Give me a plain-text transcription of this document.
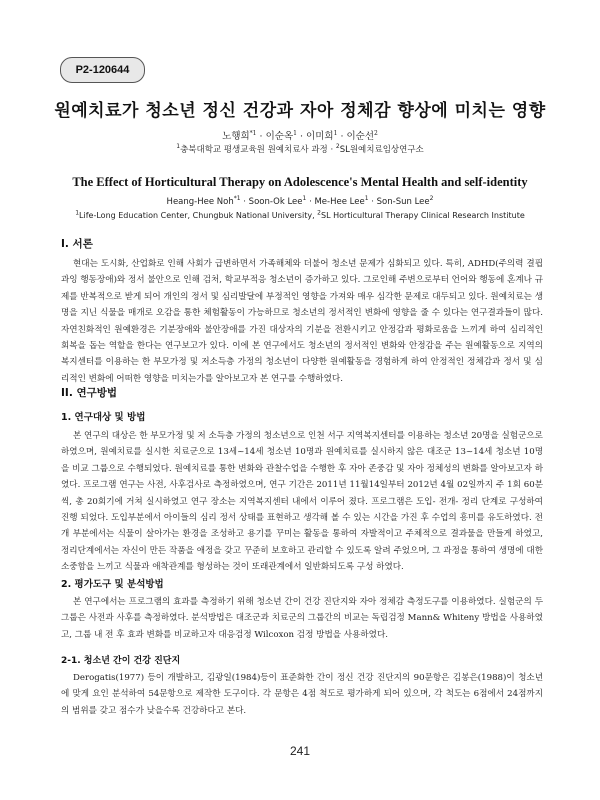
P2-120644
원예치료가 청소년 정신 건강과 자아 정체감 향상에 미치는 영향
노행희$^{*1}$ · 이순옥$^1$ · 이미희$^1$ · 이순선$^2$
$^1$충북대학교 평생교육원 원예치료사 과정 · $^2$SL원예치료임상연구소
The Effect of Horticultural Therapy on Adolescence's Mental Health and self-identity
Heang-Hee Noh$^{*1}$ · Soon-Ok Lee$^1$ · Me-Hee Lee$^1$ · Son-Sun Lee$^2$
$^1$Life-Long Education Center, Chungbuk National University, $^2$SL Horticultural Therapy Clinical Research Institute
I. 서론

현대는 도시화, 산업화로 인해 사회가 급변하면서 가족해체와 더불어 청소년 문제가 심화되고 있다. 특히, ADHD(주의력 결핍 과잉 행동장애)와 정서 불안으로 인해 검처, 학교부적응 청소년이 증가하고 있다. 그로인해 주변으로부터 언어와 행동에 혼계나 규제를 반복적으로 받게 되어 개인의 정서 및 심리발달에 부정적인 영향을 가져와 매우 심각한 문제로 대두되고 있다. 원예치료는 생명을 지닌 식물을 매개로 오감을 통한 체험활동이 가능하므로 청소년의 정서적인 변화에 영향을 줄 수 있다는 연구결과들이 많다. 자연친화적인 원예환경은 기분장애와 불안장애를 가진 대상자의 기분을 전환시키고 안정감과 평화로움을 느끼게 하여 심리적인 회복을 돕는 역할을 한다는 연구보고가 있다. 이에 본 연구에서도 청소년의 정서적인 변화와 안정감을 주는 원예활동으로 지역의 복지센터를 이용하는 한 부모가정 및 저소득층 가정의 청소년이 다양한 원예활동을 경험하게 하여 안정적인 정체감과 정서 및 심리적인 변화에 어떠한 영향을 미치는가를 알아보고자 본 연구를 수행하였다.

II. 연구방법
1. 연구대상 및 방법

본 연구의 대상은 한 부모가정 및 저 소득층 가정의 청소년으로 인천 서구 지역복지센터를 이용하는 청소년 20명을 실험군으로 하였으며, 원예치료를 실시한 치료군으로 13세~14세 청소년 10명과 원예치료를 실시하지 않은 대조군 13~14세 청소년 10명을 비교 그룹으로 수행되었다. 원예치료를 통한 변화와 관찰수업을 수행한 후 자아 존중감 및 자아 정체성의 변화를 알아보고자 하였다. 프로그램 연구는 사전, 사후검사로 측정하였으며, 연구 기간은 2011년 11월14일부터 2012년 4월 02일까지 주 1회 60분씩, 총 20회기에 거쳐 실시하였고 연구 장소는 지역복지센터 내에서 이루어 졌다. 프로그램은 도입- 전개- 정리 단계로 구성하여 진행 되었다. 도입부분에서 아이들의 심리 정서 상태를 표현하고 생각해 볼 수 있는 시간을 가진 후 수업의 흥미를 유도하였다. 전개 부분에서는 식물이 살아가는 환경을 조성하고 용기를 꾸미는 활동을 통하여 자발적이고 주체적으로 결과물을 만들게 하였고, 정리단계에서는 자신이 만든 작품을 애정을 갖고 꾸준히 보호하고 관리할 수 있도록 알려 주었으며, 그 과정을 통하여 생명에 대한 소중함을 느끼고 식물과 애착관계를 형성하는 것이 또래관계에서 일반화되도록 구성 하였다.

2. 평가도구 및 분석방법

본 연구에서는 프로그램의 효과를 측정하기 위해 청소년 간이 건강 진단지와 자아 정체감 측정도구를 이용하였다. 실험군의 두 그룹은 사전과 사후를 측정하였다. 분석방법은 대조군과 치료군의 그룹간의 비교는 독립검정 Mann& Whiteny 방법을 사용하였고, 그룹 내 전 후 효과 변화를 비교하고자 대응검정 Wilcoxon 검정 방법을 사용하였다.

2-1. 청소년 간이 건강 진단지

Derogatis(1977) 등이 개발하고, 김광일(1984)등이 표준화한 간이 정신 건강 진단지의 90문항은 김봉은(1988)이 청소년에 맞게 요인 분석하여 54문항으로 제작한 도구이다. 각 문항은 4점 척도로 평가하게 되어 있으며, 각 척도는 6점에서 24점까지의 범위를 갖고 점수가 낮을수록 건강하다고 본다.

241
